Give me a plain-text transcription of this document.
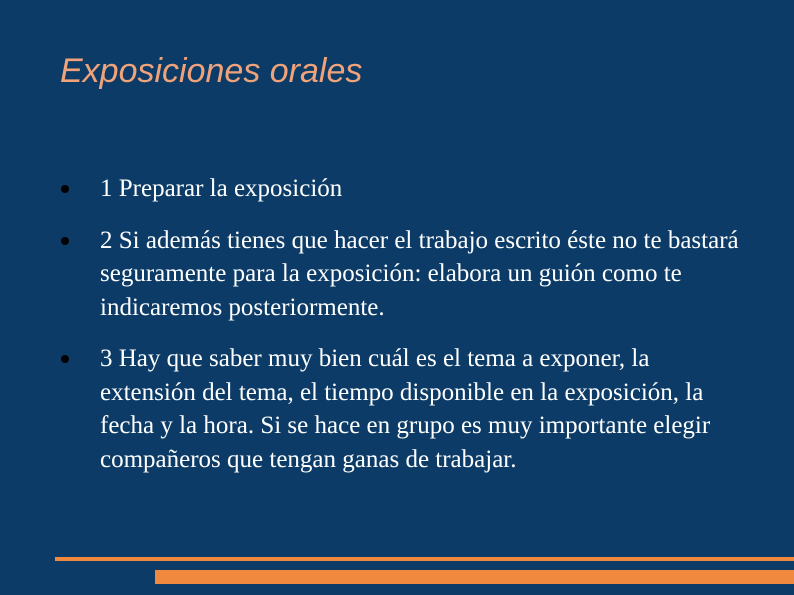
Exposiciones orales
1 Preparar la exposición
2 Si además tienes que hacer el trabajo escrito éste no te bastará seguramente para la exposición: elabora un guión como te indicaremos posteriormente.
3 Hay que saber muy bien cuál es el tema a exponer, la extensión del tema, el tiempo disponible en la exposición, la fecha y la hora. Si se hace en grupo es muy importante elegir compañeros que tengan ganas de trabajar.
